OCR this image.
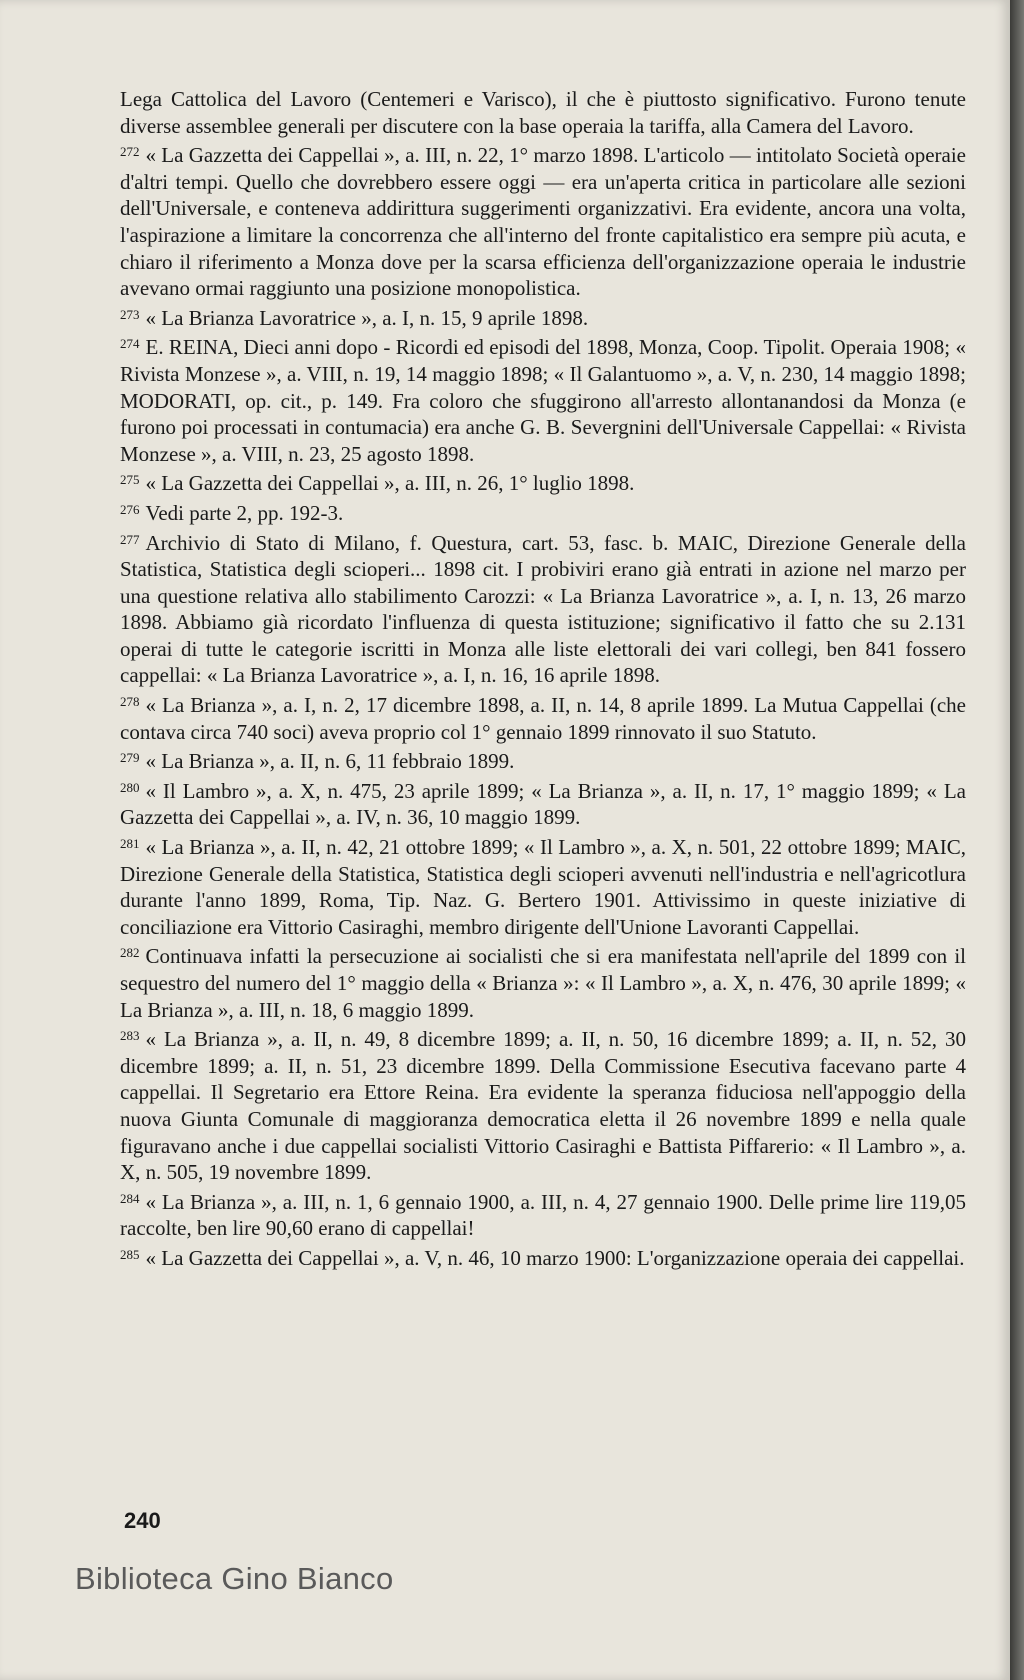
Lega Cattolica del Lavoro (Centemeri e Varisco), il che è piuttosto significativo. Furono tenute diverse assemblee generali per discutere con la base operaia la tariffa, alla Camera del Lavoro.

$^{272}$ « La Gazzetta dei Cappellai », a. III, n. 22, 1° marzo 1898. L'articolo — intitolato Società operaie d'altri tempi. Quello che dovrebbero essere oggi — era un'aperta critica in particolare alle sezioni dell'Universale, e conteneva addirittura suggerimenti organizzativi. Era evidente, ancora una volta, l'aspirazione a limitare la concorrenza che all'interno del fronte capitalistico era sempre più acuta, e chiaro il riferimento a Monza dove per la scarsa efficienza dell'organizzazione operaia le industrie avevano ormai raggiunto una posizione monopolistica.

$^{273}$ « La Brianza Lavoratrice », a. I, n. 15, 9 aprile 1898.

$^{274}$ E. REINA, Dieci anni dopo - Ricordi ed episodi del 1898, Monza, Coop. Tipolit. Operaia 1908; « Rivista Monzese », a. VIII, n. 19, 14 maggio 1898; « Il Galantuomo », a. V, n. 230, 14 maggio 1898; MODORATI, op. cit., p. 149. Fra coloro che sfuggirono all'arresto allontanandosi da Monza (e furono poi processati in contumacia) era anche G. B. Severgnini dell'Universale Cappellai: « Rivista Monzese », a. VIII, n. 23, 25 agosto 1898.

$^{275}$ « La Gazzetta dei Cappellai », a. III, n. 26, 1° luglio 1898.

$^{276}$ Vedi parte 2, pp. 192-3.

$^{277}$ Archivio di Stato di Milano, f. Questura, cart. 53, fasc. b. MAIC, Direzione Generale della Statistica, Statistica degli scioperi... 1898 cit. I probiviri erano già entrati in azione nel marzo per una questione relativa allo stabilimento Carozzi: « La Brianza Lavoratrice », a. I, n. 13, 26 marzo 1898. Abbiamo già ricordato l'influenza di questa istituzione; significativo il fatto che su 2.131 operai di tutte le categorie iscritti in Monza alle liste elettorali dei vari collegi, ben 841 fossero cappellai: « La Brianza Lavoratrice », a. I, n. 16, 16 aprile 1898.

$^{278}$ « La Brianza », a. I, n. 2, 17 dicembre 1898, a. II, n. 14, 8 aprile 1899. La Mutua Cappellai (che contava circa 740 soci) aveva proprio col 1° gennaio 1899 rinnovato il suo Statuto.

$^{279}$ « La Brianza », a. II, n. 6, 11 febbraio 1899.

$^{280}$ « Il Lambro », a. X, n. 475, 23 aprile 1899; « La Brianza », a. II, n. 17, 1° maggio 1899; « La Gazzetta dei Cappellai », a. IV, n. 36, 10 maggio 1899.

$^{281}$ « La Brianza », a. II, n. 42, 21 ottobre 1899; « Il Lambro », a. X, n. 501, 22 ottobre 1899; MAIC, Direzione Generale della Statistica, Statistica degli scioperi avvenuti nell'industria e nell'agricotlura durante l'anno 1899, Roma, Tip. Naz. G. Bertero 1901. Attivissimo in queste iniziative di conciliazione era Vittorio Casiraghi, membro dirigente dell'Unione Lavoranti Cappellai.

$^{282}$ Continuava infatti la persecuzione ai socialisti che si era manifestata nell'aprile del 1899 con il sequestro del numero del 1° maggio della « Brianza »: « Il Lambro », a. X, n. 476, 30 aprile 1899; « La Brianza », a. III, n. 18, 6 maggio 1899.

$^{283}$ « La Brianza », a. II, n. 49, 8 dicembre 1899; a. II, n. 50, 16 dicembre 1899; a. II, n. 52, 30 dicembre 1899; a. II, n. 51, 23 dicembre 1899. Della Commissione Esecutiva facevano parte 4 cappellai. Il Segretario era Ettore Reina. Era evidente la speranza fiduciosa nell'appoggio della nuova Giunta Comunale di maggioranza democratica eletta il 26 novembre 1899 e nella quale figuravano anche i due cappellai socialisti Vittorio Casiraghi e Battista Piffarerio: « Il Lambro », a. X, n. 505, 19 novembre 1899.

$^{284}$ « La Brianza », a. III, n. 1, 6 gennaio 1900, a. III, n. 4, 27 gennaio 1900. Delle prime lire 119,05 raccolte, ben lire 90,60 erano di cappellai!

$^{285}$ « La Gazzetta dei Cappellai », a. V, n. 46, 10 marzo 1900: L'organizzazione operaia dei cappellai.

240
Biblioteca Gino Bianco
